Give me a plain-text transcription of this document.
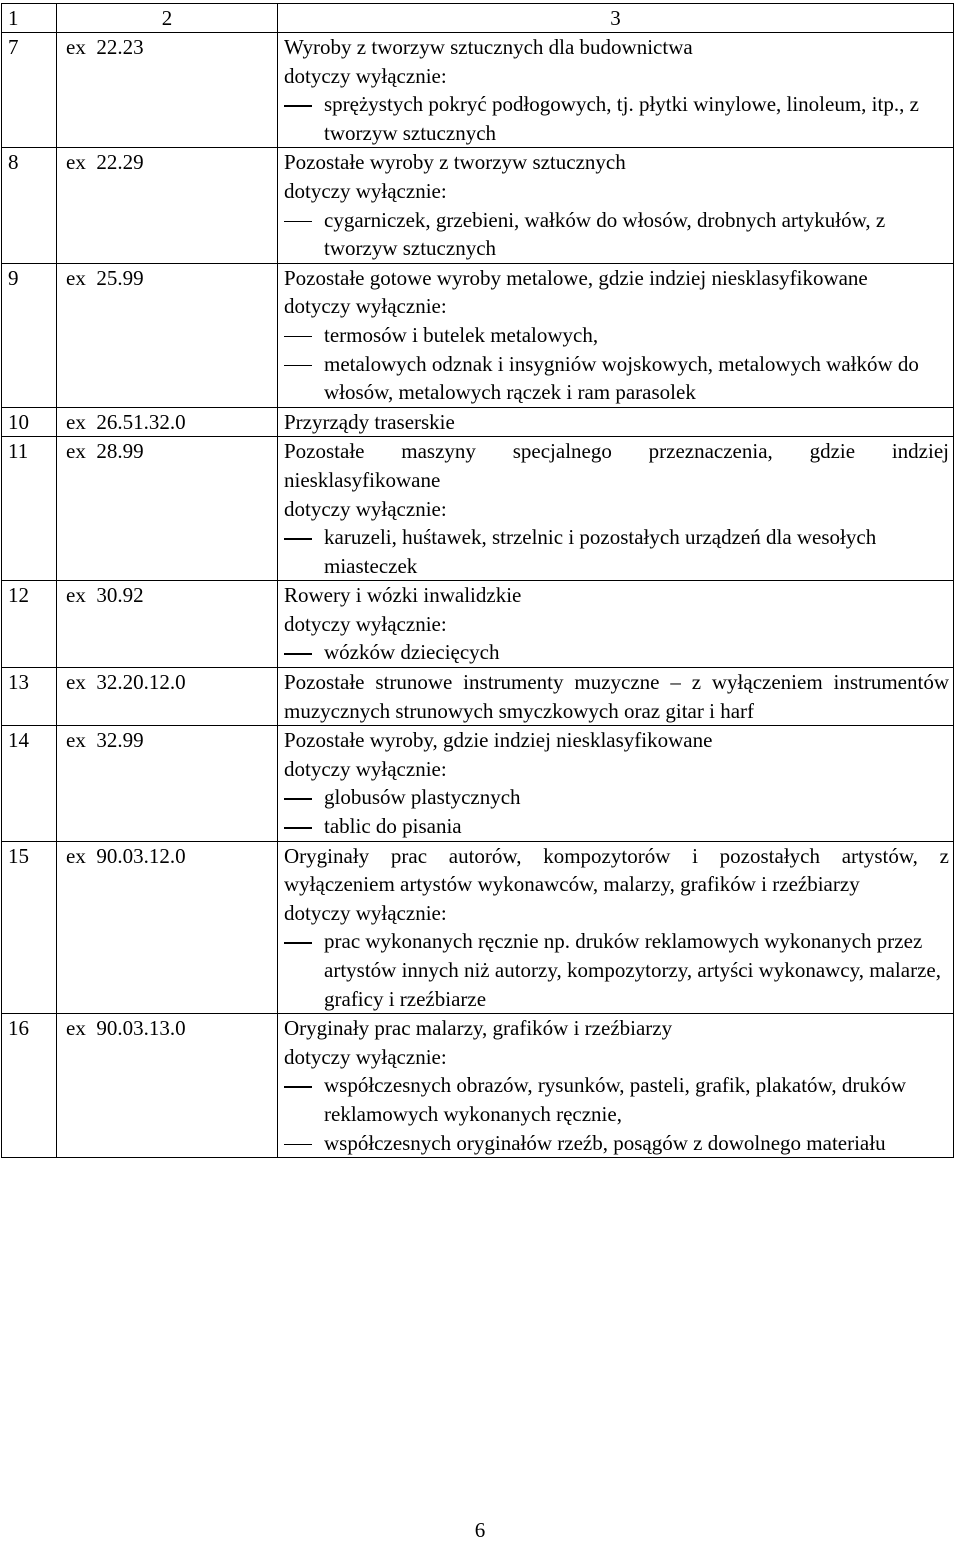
1	2	3
7	ex  22.23	Wyroby z tworzyw sztucznych dla budownictwa
dotyczy wyłącznie:
sprężystych pokryć podłogowych, tj. płytki winylowe, linoleum, itp., z tworzyw sztucznych

8	ex  22.29	Pozostałe wyroby z tworzyw sztucznych
dotyczy wyłącznie:
cygarniczek, grzebieni, wałków do włosów, drobnych artykułów, z tworzyw sztucznych

9	ex  25.99	Pozostałe gotowe wyroby metalowe, gdzie indziej niesklasyfikowane
dotyczy wyłącznie:
termosów i butelek metalowych,
metalowych odznak i insygniów wojskowych, metalowych wałków do włosów, metalowych rączek i ram parasolek

10	ex  26.51.32.0	Przyrządy traserskie

11	ex  28.99	Pozostałe maszyny specjalnego przeznaczenia, gdzie indziej niesklasyfikowane
dotyczy wyłącznie:
karuzeli, huśtawek, strzelnic i pozostałych urządzeń dla wesołych miasteczek

12	ex  30.92	Rowery i wózki inwalidzkie
dotyczy wyłącznie:
wózków dziecięcych

13	ex  32.20.12.0	Pozostałe strunowe instrumenty muzyczne – z wyłączeniem instrumentów muzycznych strunowych smyczkowych oraz gitar i harf

14	ex  32.99	Pozostałe wyroby, gdzie indziej niesklasyfikowane
dotyczy wyłącznie:
globusów plastycznych
tablic do pisania

15	ex  90.03.12.0	Oryginały prac autorów, kompozytorów i pozostałych artystów, z wyłączeniem artystów wykonawców, malarzy, grafików i rzeźbiarzy
dotyczy wyłącznie:
prac wykonanych ręcznie np. druków reklamowych wykonanych przez artystów innych niż autorzy, kompozytorzy, artyści wykonawcy, malarze, graficy i rzeźbiarze

16	ex  90.03.13.0	Oryginały prac malarzy, grafików i rzeźbiarzy
dotyczy wyłącznie:
współczesnych obrazów, rysunków, pasteli, grafik, plakatów, druków reklamowych wykonanych ręcznie,
współczesnych oryginałów rzeźb, posągów z dowolnego materiału
6
